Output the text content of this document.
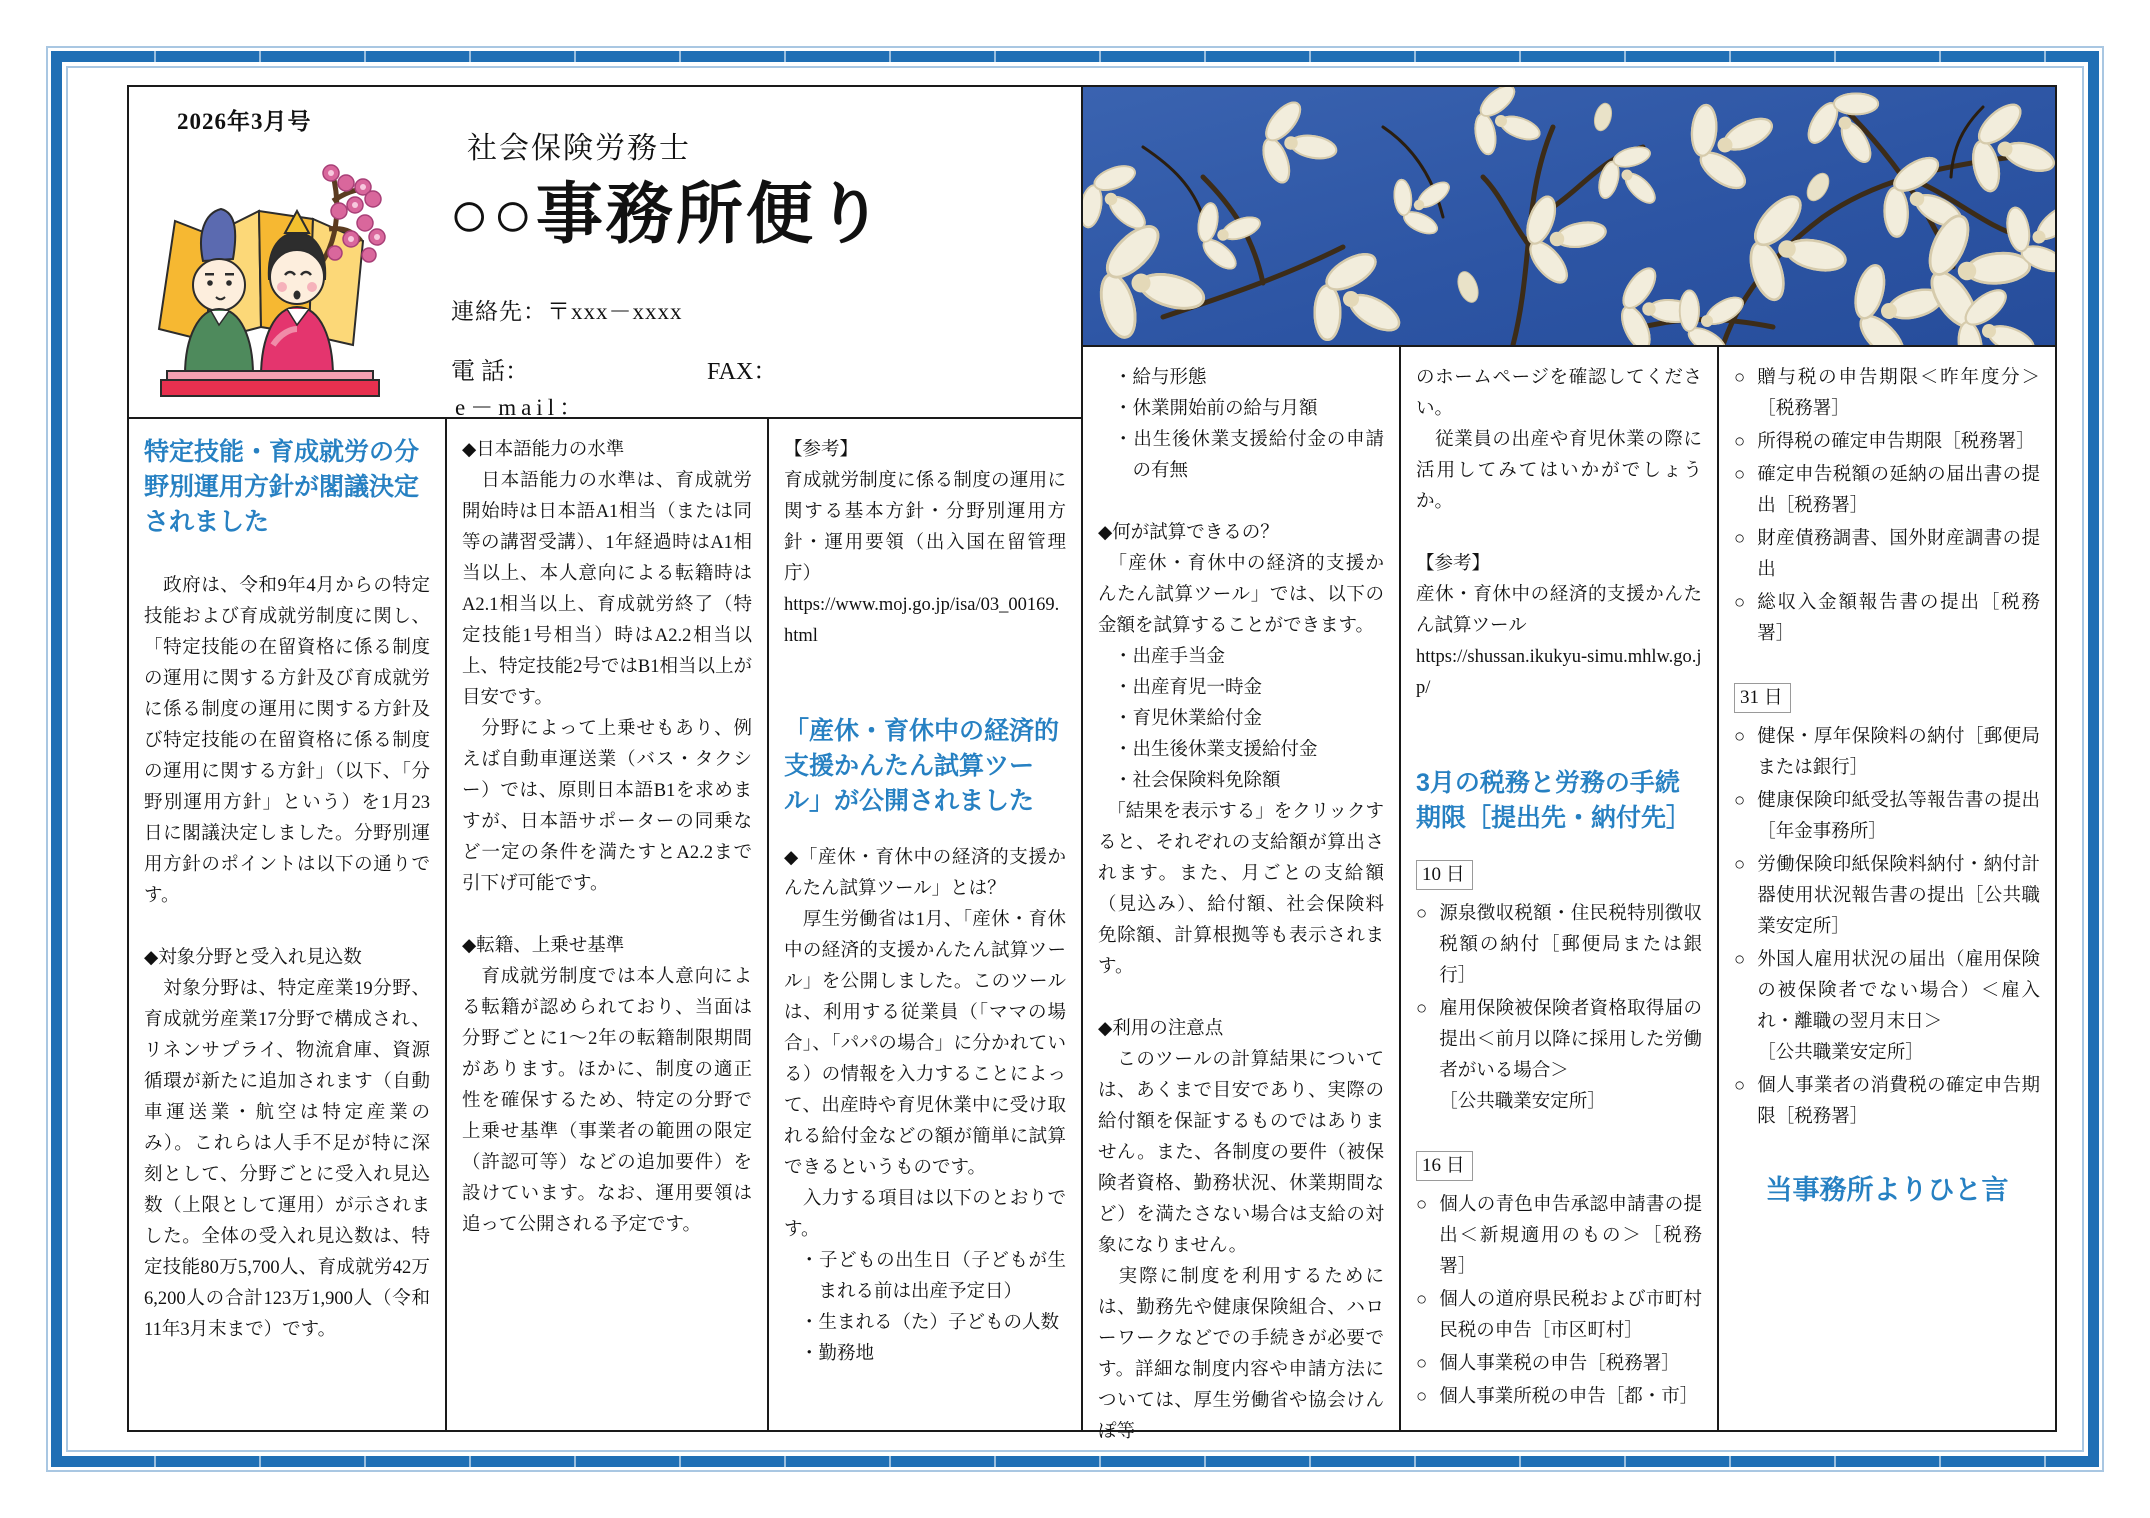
2026年3月号
社会保険労務士
○○事務所便り
連絡先：〒xxx－xxxx
電 話：	FAX：
e－mail：
特定技能・育成就労の分野別運用方針が閣議決定されました

　政府は、令和9年4月からの特定技能および育成就労制度に関し、「特定技能の在留資格に係る制度の運用に関する方針及び育成就労に係る制度の運用に関する方針及び特定技能の在留資格に係る制度の運用に関する方針」（以下、「分野別運用方針」という）を1月23日に閣議決定しました。分野別運用方針のポイントは以下の通りです。

◆対象分野と受入れ見込数

　対象分野は、特定産業19分野、育成就労産業17分野で構成され、リネンサプライ、物流倉庫、資源循環が新たに追加されます（自動車運送業・航空は特定産業のみ）。これらは人手不足が特に深刻として、分野ごとに受入れ見込数（上限として運用）が示されました。全体の受入れ見込数は、特定技能80万5,700人、育成就労42万6,200人の合計123万1,900人（令和11年3月末まで）です。

◆日本語能力の水準

　日本語能力の水準は、育成就労開始時は日本語A1相当（または同等の講習受講）、1年経過時はA1相当以上、本人意向による転籍時はA2.1相当以上、育成就労終了（特定技能1号相当）時はA2.2相当以上、特定技能2号ではB1相当以上が目安です。

　分野によって上乗せもあり、例えば自動車運送業（バス・タクシー）では、原則日本語B1を求めますが、日本語サポーターの同乗など一定の条件を満たすとA2.2まで引下げ可能です。

◆転籍、上乗せ基準

　育成就労制度では本人意向による転籍が認められており、当面は分野ごとに1～2年の転籍制限期間があります。ほかに、制度の適正性を確保するため、特定の分野で上乗せ基準（事業者の範囲の限定（許認可等）などの追加要件）を設けています。なお、運用要領は追って公開される予定です。

【参考】

育成就労制度に係る制度の運用に関する基本方針・分野別運用方針・運用要領（出入国在留管理庁）

https://www.moj.go.jp/isa/03_00169.html

「産休・育休中の経済的支援かんたん試算ツール」が公開されました

◆「産休・育休中の経済的支援かんたん試算ツール」とは？

　厚生労働省は1月、「産休・育休中の経済的支援かんたん試算ツール」を公開しました。このツールは、利用する従業員（「ママの場合」、「パパの場合」に分かれている）の情報を入力することによって、出産時や育児休業中に受け取れる給付金などの額が簡単に試算できるというものです。

　入力する項目は以下のとおりです。

・子どもの出生日（子どもが生まれる前は出産予定日）
・生まれる（た）子どもの人数
・勤務地
・給与形態
・休業開始前の給与月額
・出生後休業支援給付金の申請の有無

◆何が試算できるの？

　「産休・育休中の経済的支援かんたん試算ツール」では、以下の金額を試算することができます。

・出産手当金
・出産育児一時金
・育児休業給付金
・出生後休業支援給付金
・社会保険料免除額

　「結果を表示する」をクリックすると、それぞれの支給額が算出されます。また、月ごとの支給額（見込み）、給付額、社会保険料免除額、計算根拠等も表示されます。

◆利用の注意点

　このツールの計算結果については、あくまで目安であり、実際の給付額を保証するものではありません。また、各制度の要件（被保険者資格、勤務状況、休業期間など）を満たさない場合は支給の対象になりません。

　実際に制度を利用するためには、勤務先や健康保険組合、ハローワークなどでの手続きが必要です。詳細な制度内容や申請方法については、厚生労働省や協会けんぽ等

のホームページを確認してください。

　従業員の出産や育児休業の際に活用してみてはいかがでしょうか。

【参考】

産休・育休中の経済的支援かんたん試算ツール

https://shussan.ikukyu-simu.mhlw.go.jp/

3月の税務と労務の手続期限［提出先・納付先］
10 日
○ 源泉徴収税額・住民税特別徴収税額の納付［郵便局または銀行］
○ 雇用保険被保険者資格取得届の提出＜前月以降に採用した労働者がいる場合＞
［公共職業安定所］
16 日
○ 個人の青色申告承認申請書の提出＜新規適用のもの＞［税務署］
○ 個人の道府県民税および市町村民税の申告［市区町村］
○ 個人事業税の申告［税務署］
○ 個人事業所税の申告［都・市］
○ 贈与税の申告期限＜昨年度分＞［税務署］
○ 所得税の確定申告期限［税務署］
○ 確定申告税額の延納の届出書の提出［税務署］
○ 財産債務調書、国外財産調書の提出
○ 総収入金額報告書の提出［税務署］
31 日
○ 健保・厚年保険料の納付［郵便局または銀行］
○ 健康保険印紙受払等報告書の提出［年金事務所］
○ 労働保険印紙保険料納付・納付計器使用状況報告書の提出［公共職業安定所］
○ 外国人雇用状況の届出（雇用保険の被保険者でない場合）＜雇入れ・離職の翌月末日＞
［公共職業安定所］
○ 個人事業者の消費税の確定申告期限［税務署］
当事務所よりひと言
